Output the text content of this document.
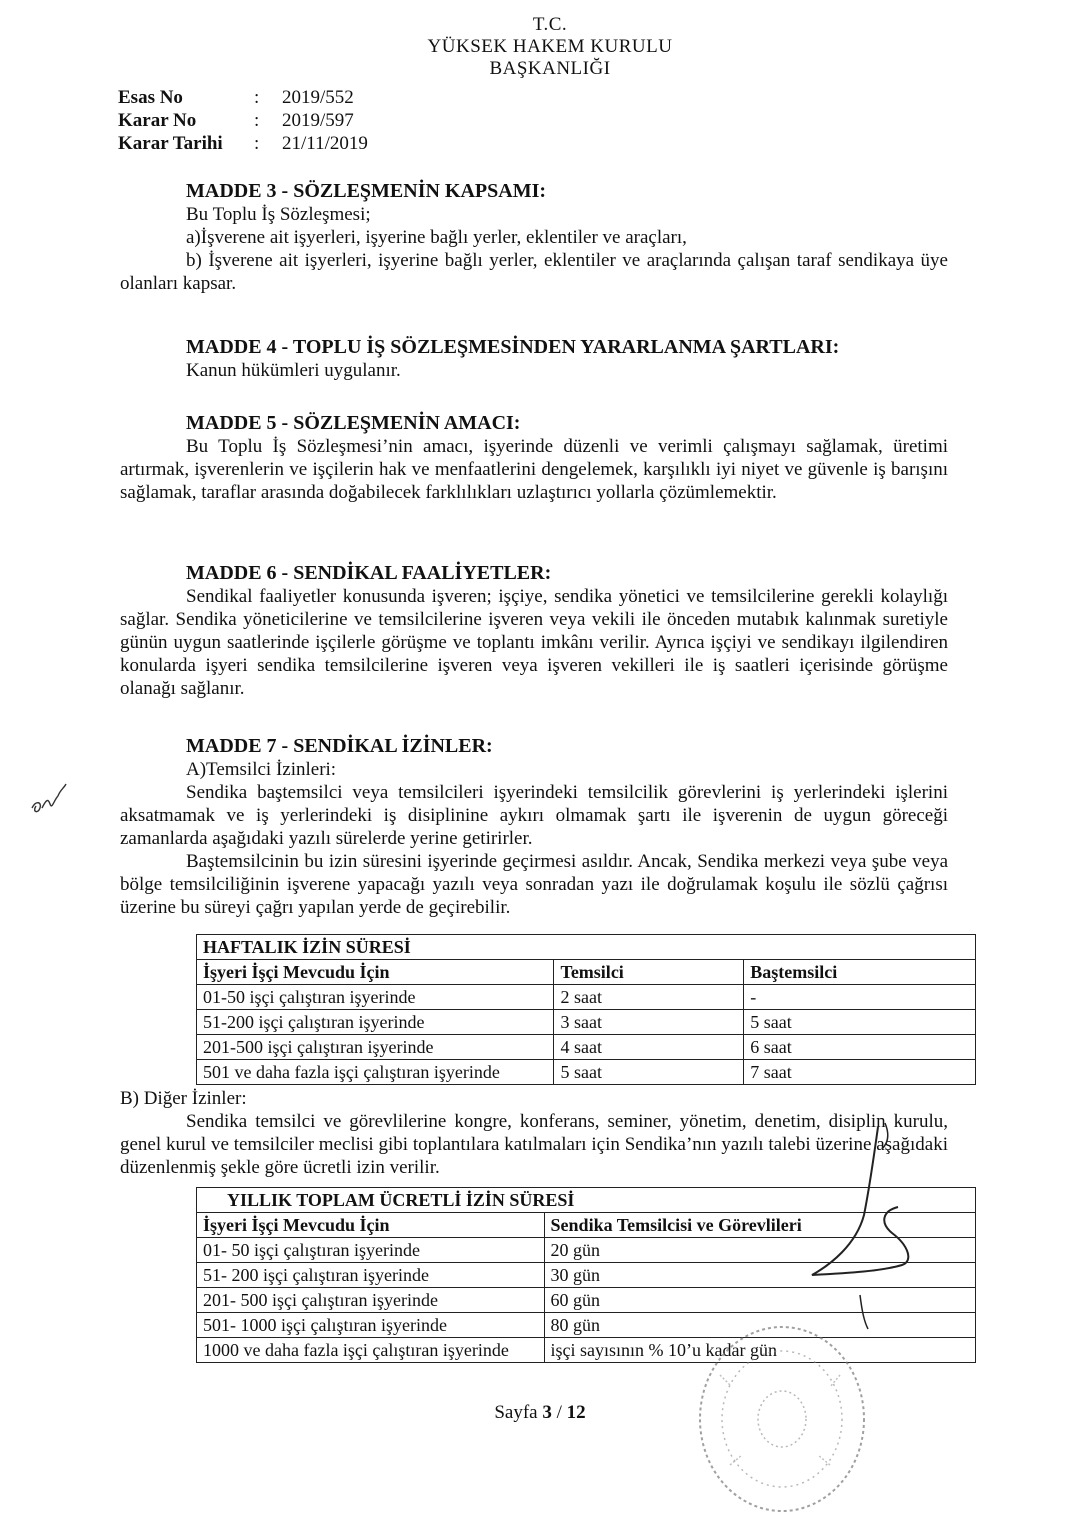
T.C.
YÜKSEK HAKEM KURULU
BAŞKANLIĞI
Esas No	:	2019/552
Karar No	:	2019/597
Karar Tarihi	:	21/11/2019

MADDE 3 - SÖZLEŞMENİN KAPSAMI:

Bu Toplu İş Sözleşmesi;

a)İşverene ait işyerleri, işyerine bağlı yerler, eklentiler ve araçları,

b) İşverene ait işyerleri, işyerine bağlı yerler, eklentiler ve araçlarında çalışan taraf sendikaya üye olanları kapsar.

MADDE 4 - TOPLU İŞ SÖZLEŞMESİNDEN YARARLANMA ŞARTLARI:

Kanun hükümleri uygulanır.

MADDE 5 - SÖZLEŞMENİN AMACI:

Bu Toplu İş Sözleşmesi’nin amacı, işyerinde düzenli ve verimli çalışmayı sağlamak, üretimi artırmak, işverenlerin ve işçilerin hak ve menfaatlerini dengelemek, karşılıklı iyi niyet ve güvenle iş barışını sağlamak, taraflar arasında doğabilecek farklılıkları uzlaştırıcı yollarla çözümlemektir.

MADDE 6 - SENDİKAL FAALİYETLER:

Sendikal faaliyetler konusunda işveren; işçiye, sendika yönetici ve temsilcilerine gerekli kolaylığı sağlar. Sendika yöneticilerine ve temsilcilerine işveren veya vekili ile önceden mutabık kalınmak suretiyle günün uygun saatlerinde işçilerle görüşme ve toplantı imkânı verilir. Ayrıca işçiyi ve sendikayı ilgilendiren konularda işyeri sendika temsilcilerine işveren veya işveren vekilleri ile iş saatleri içerisinde görüşme olanağı sağlanır.

MADDE 7 - SENDİKAL İZİNLER:

A)Temsilci İzinleri:

Sendika baştemsilci veya temsilcileri işyerindeki temsilcilik görevlerini iş yerlerindeki işlerini aksatmamak ve iş yerlerindeki iş disiplinine aykırı olmamak şartı ile işverenin de uygun göreceği zamanlarda aşağıdaki yazılı sürelerde yerine getirirler.

Baştemsilcinin bu izin süresini işyerinde geçirmesi asıldır. Ancak, Sendika merkezi veya şube veya bölge temsilciliğinin işverene yapacağı yazılı veya sonradan yazı ile doğrulamak koşulu ile sözlü çağrısı üzerine bu süreyi çağrı yapılan yerde de geçirebilir.

HAFTALIK İZİN SÜRESİ		
İşyeri İşçi Mevcudu İçin	Temsilci	Baştemsilci
01-50 işçi çalıştıran işyerinde	2 saat	-
51-200 işçi çalıştıran işyerinde	3 saat	5 saat
201-500 işçi çalıştıran işyerinde	4 saat	6 saat
501 ve daha fazla işçi çalıştıran işyerinde	5 saat	7 saat

B) Diğer İzinler:

Sendika temsilci ve görevlilerine kongre, konferans, seminer, yönetim, denetim, disiplin kurulu, genel kurul ve temsilciler meclisi gibi toplantılara katılmaları için Sendika’nın yazılı talebi üzerine aşağıdaki düzenlenmiş şekle göre ücretli izin verilir.

YILLIK TOPLAM ÜCRETLİ İZİN SÜRESİ	
İşyeri İşçi Mevcudu İçin	Sendika Temsilcisi ve Görevlileri
01- 50 işçi çalıştıran işyerinde	20 gün
51- 200 işçi çalıştıran işyerinde	30 gün
201- 500 işçi çalıştıran işyerinde	60 gün
501- 1000 işçi çalıştıran işyerinde	80 gün
1000 ve daha fazla işçi çalıştıran işyerinde	işçi sayısının % 10’u kadar gün
Sayfa 3 / 12
